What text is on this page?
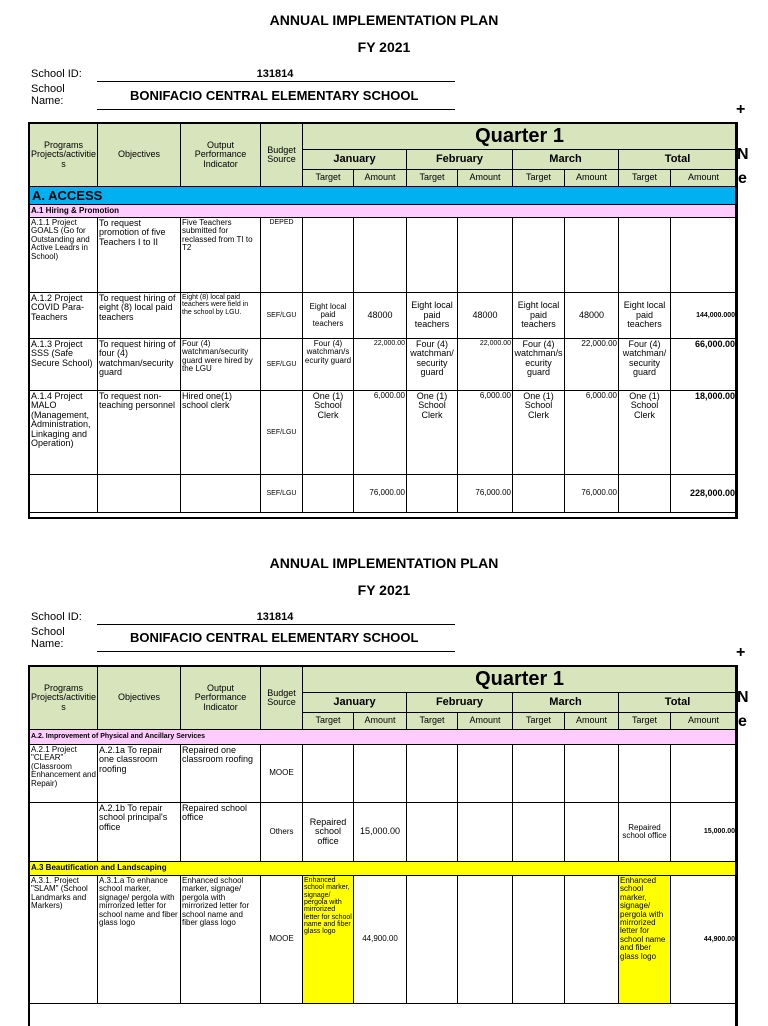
ANNUAL IMPLEMENTATION PLAN
FY 2021
School ID:	131814
School
Name:	BONIFACIO CENTRAL ELEMENTARY SCHOOL
+
N
e
Programs Projects/activitie s	Objectives	Output Performance Indicator	Budget Source	Quarter 1							
				January		February		March		Total	
				Target	Amount	Target	Amount	Target	Amount	Target	Amount
A. ACCESS											
A.1 Hiring & Promotion											
A.1.1 Project GOALS (Go for Outstanding and Active Leadrs in School)	To request promotion of five Teachers I to II	Five Teachers submitted for reclassed from TI to T2	DEPED								
A.1.2 Project COVID Para-Teachers	To request hiring of eight (8) local paid teachers	Eight (8) local paid teachers were field in the school by LGU.	SEF/LGU	Eight local paid teachers	48000	Eight local paid teachers	48000	Eight local paid teachers	48000	Eight local paid teachers	144,000.000
A.1.3 Project SSS (Safe Secure School)	To request hiring of four (4) watchman/security guard	Four (4) watchman/security guard were hired by the LGU	SEF/LGU	Four (4) watchman/s ecurity guard	22,000.00	Four (4) watchman/ security guard	22,000.00	Four (4) watchman/s ecurity guard	22,000.00	Four (4) watchman/ security guard	66,000.00
A.1.4 Project MALO (Management, Administration, Linkaging and Operation)	To request non-teaching personnel	Hired one(1) school clerk	SEF/LGU	One (1) School Clerk	6,000.00	One (1) School Clerk	6,000.00	One (1) School Clerk	6,000.00	One (1) School Clerk	18,000.00
			SEF/LGU		76,000.00		76,000.00		76,000.00		228,000.00
ANNUAL IMPLEMENTATION PLAN
FY 2021
School ID:	131814
School
Name:	BONIFACIO CENTRAL ELEMENTARY SCHOOL
+
N
e
Programs Projects/activitie s	Objectives	Output Performance Indicator	Budget Source	Quarter 1							
				January		February		March		Total	
				Target	Amount	Target	Amount	Target	Amount	Target	Amount
A.2. Improvement of Physical and Ancillary Services											
A.2.1 Project "CLEAR" (Classroom Enhancement and Repair)	A.2.1a To repair one classroom roofing	Repaired one classroom roofing	MOOE								
	A.2.1b To repair school principal's office	Repaired school office	Others	Repaired school office	15,000.00					Repaired school office	15,000.00
A.3 Beautification and Landscaping											
A.3.1. Project "SLAM" (School Landmarks and Markers)	A.3.1.a To enhance school marker, signage/ pergola with mirrorized letter for school name and fiber glass logo	Enhanced school marker, signage/ pergola with mirrorized letter for school name and fiber glass logo	MOOE	Enhanced school marker, signage/ pergola with mirrorized letter for school name and fiber glass logo	44,900.00					Enhanced school marker, signage/ pergola with mirrorized letter for school name and fiber glass logo	44,900.00
